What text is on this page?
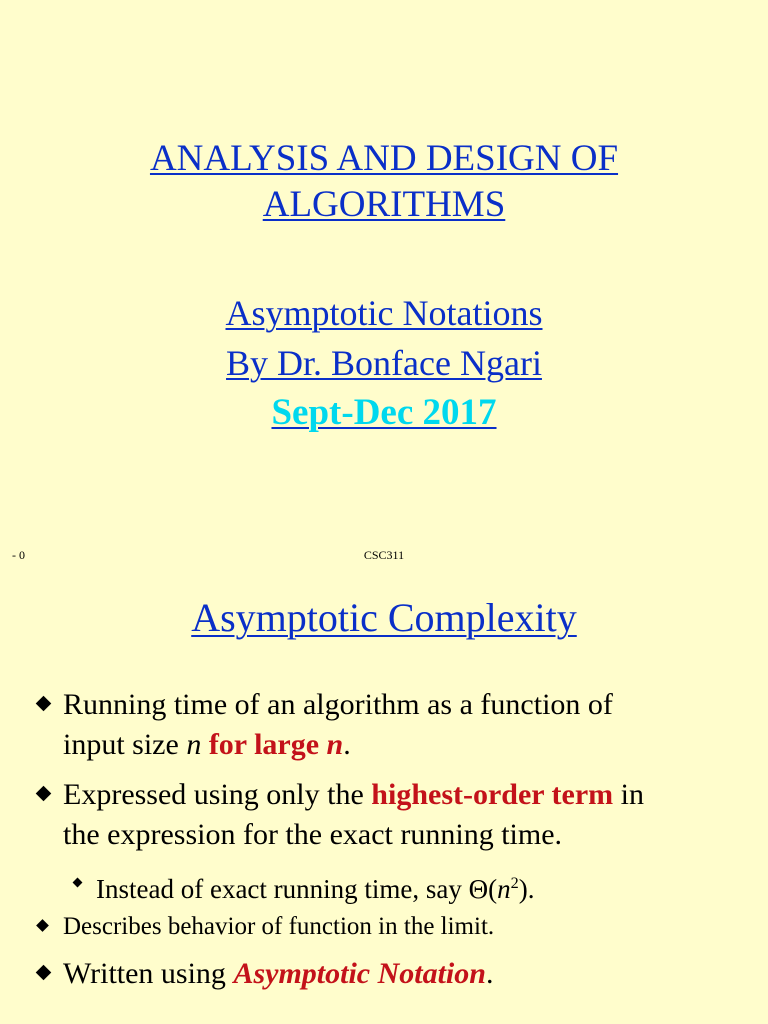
ANALYSIS AND DESIGN OF
ALGORITHMS
Asymptotic Notations
By Dr. Bonface Ngari
Sept-Dec 2017
- 0	CSC311
Asymptotic Complexity
Running time of an algorithm as a function of
input size n for large n.
Expressed using only the highest-order term in
the expression for the exact running time.
Instead of exact running time, say $\Theta(n^2)$.
Describes behavior of function in the limit.
Written using Asymptotic Notation.
